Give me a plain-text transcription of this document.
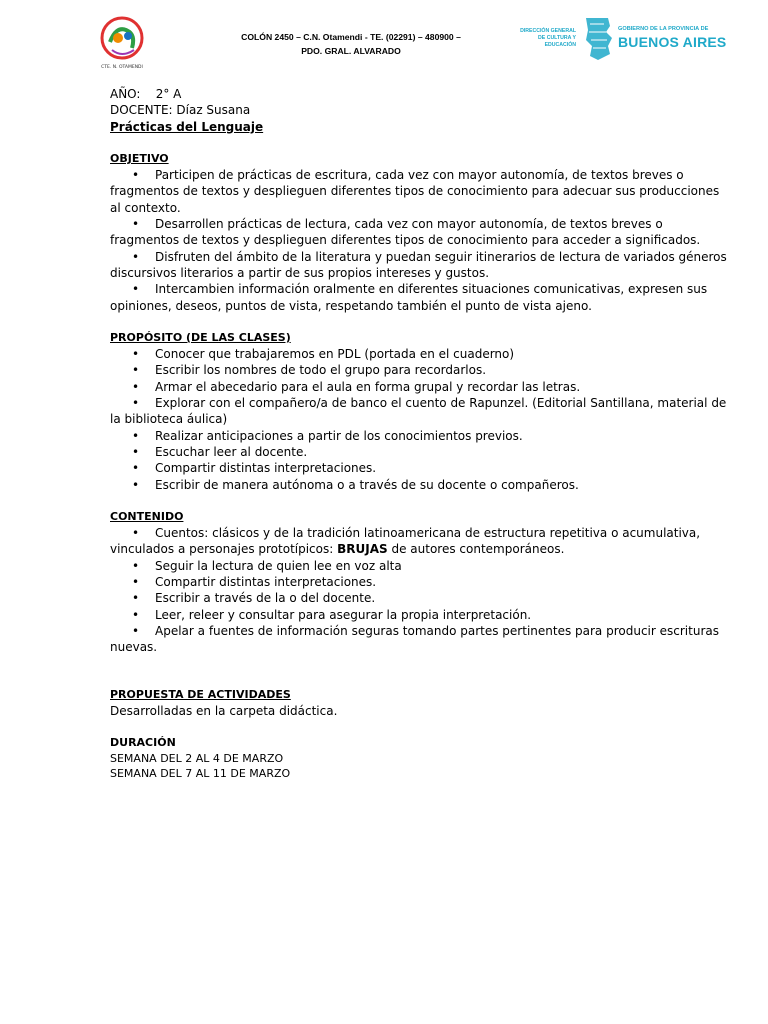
CTE. N. OTAMENDI
COLÓN 2450 – C.N. Otamendi - TE. (02291) – 480900 –
PDO. GRAL. ALVARADO
DIRECCIÓN GENERAL
DE CULTURA Y EDUCACIÓN
GOBIERNO DE LA PROVINCIA DE
BUENOS AIRES

AÑO: 2° A

DOCENTE: Díaz Susana

Prácticas del Lenguaje

OBJETIVO

• Participen de prácticas de escritura, cada vez con mayor autonomía, de textos breves o fragmentos de textos y desplieguen diferentes tipos de conocimiento para adecuar sus producciones al contexto.
• Desarrollen prácticas de lectura, cada vez con mayor autonomía, de textos breves o fragmentos de textos y desplieguen diferentes tipos de conocimiento para acceder a significados.
• Disfruten del ámbito de la literatura y puedan seguir itinerarios de lectura de variados géneros discursivos literarios a partir de sus propios intereses y gustos.
• Intercambien información oralmente en diferentes situaciones comunicativas, expresen sus opiniones, deseos, puntos de vista, respetando también el punto de vista ajeno.

PROPÓSITO (DE LAS CLASES)

• Conocer que trabajaremos en PDL (portada en el cuaderno)
• Escribir los nombres de todo el grupo para recordarlos.
• Armar el abecedario para el aula en forma grupal y recordar las letras.
• Explorar con el compañero/a de banco el cuento de Rapunzel. (Editorial Santillana, material de la biblioteca áulica)
• Realizar anticipaciones a partir de los conocimientos previos.
• Escuchar leer al docente.
• Compartir distintas interpretaciones.
• Escribir de manera autónoma o a través de su docente o compañeros.

CONTENIDO

• Cuentos: clásicos y de la tradición latinoamericana de estructura repetitiva o acumulativa, vinculados a personajes prototípicos: BRUJAS de autores contemporáneos.
• Seguir la lectura de quien lee en voz alta
• Compartir distintas interpretaciones.
• Escribir a través de la o del docente.
• Leer, releer y consultar para asegurar la propia interpretación.
• Apelar a fuentes de información seguras tomando partes pertinentes para producir escrituras nuevas.

PROPUESTA DE ACTIVIDADES

Desarrolladas en la carpeta didáctica.

DURACIÓN

SEMANA DEL 2 AL 4 DE MARZO

SEMANA DEL 7 AL 11 DE MARZO
